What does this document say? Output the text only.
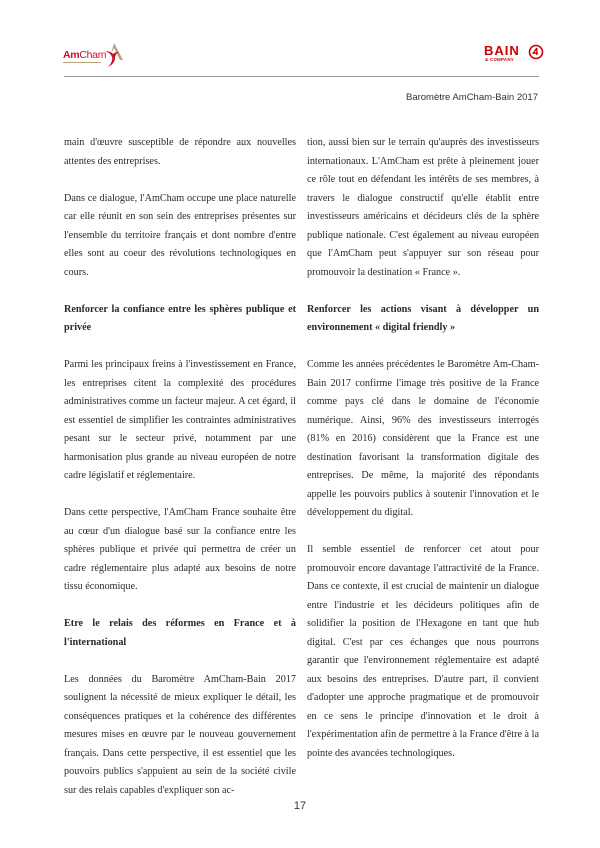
AmCham	BAIN
& COMPANY
Baromètre AmCham-Bain 2017

main d'œuvre susceptible de répondre aux nouvelles attentes des entreprises.

Dans ce dialogue, l'AmCham occupe une place naturelle car elle réunit en son sein des entreprises présentes sur l'ensemble du territoire français et dont nombre d'entre elles sont au coeur des révolutions technologiques en cours.

Renforcer la confiance entre les sphères publique et privée

Parmi les principaux freins à l'investissement en France, les entreprises citent la complexité des procédures administratives comme un facteur majeur. A cet égard, il est essentiel de simplifier les contraintes administratives pesant sur le secteur privé, notamment par une harmonisation plus grande au niveau européen de notre cadre législatif et réglementaire.

Dans cette perspective, l'AmCham France souhaite être au cœur d'un dialogue basé sur la confiance entre les sphères publique et privée qui permettra de créer un cadre réglementaire plus adapté aux besoins de notre tissu économique.

Etre le relais des réformes en France et à l'international

Les données du Baromètre AmCham-Bain 2017 soulignent la nécessité de mieux expliquer le détail, les conséquences pratiques et la cohérence des différentes mesures mises en œuvre par le nouveau gouvernement français. Dans cette perspective, il est essentiel que les pouvoirs publics s'appuient au sein de la société civile sur des relais capables d'expliquer son ac-

tion, aussi bien sur le terrain qu'auprès des investisseurs internationaux. L'AmCham est prête à pleinement jouer ce rôle tout en défendant les intérêts de ses membres, à travers le dialogue constructif qu'elle établit entre investisseurs américains et décideurs clés de la sphère publique nationale. C'est également au niveau européen que l'AmCham peut s'appuyer sur son réseau pour promouvoir la destination « France ».

Renforcer les actions visant à développer un environnement « digital friendly »

Comme les années précédentes le Baromètre Am-Cham-Bain 2017 confirme l'image très positive de la France comme pays clé dans le domaine de l'économie numérique. Ainsi, 96% des investisseurs interrogés (81% en 2016) considèrent que la France est une destination favorisant la transformation digitale des entreprises. De même, la majorité des répondants appelle les pouvoirs publics à soutenir l'innovation et le développement du digital.

Il semble essentiel de renforcer cet atout pour promouvoir encore davantage l'attractivité de la France. Dans ce contexte, il est crucial de maintenir un dialogue entre l'industrie et les décideurs politiques afin de solidifier la position de l'Hexagone en tant que hub digital. C'est par ces échanges que nous pourrons garantir que l'environnement réglementaire est adapté aux besoins des entreprises. D'autre part, il convient d'adopter une approche pragmatique et de promouvoir en ce sens le principe d'innovation et le droit à l'expérimentation afin de permettre à la France d'être à la pointe des avancées technologiques.

17
